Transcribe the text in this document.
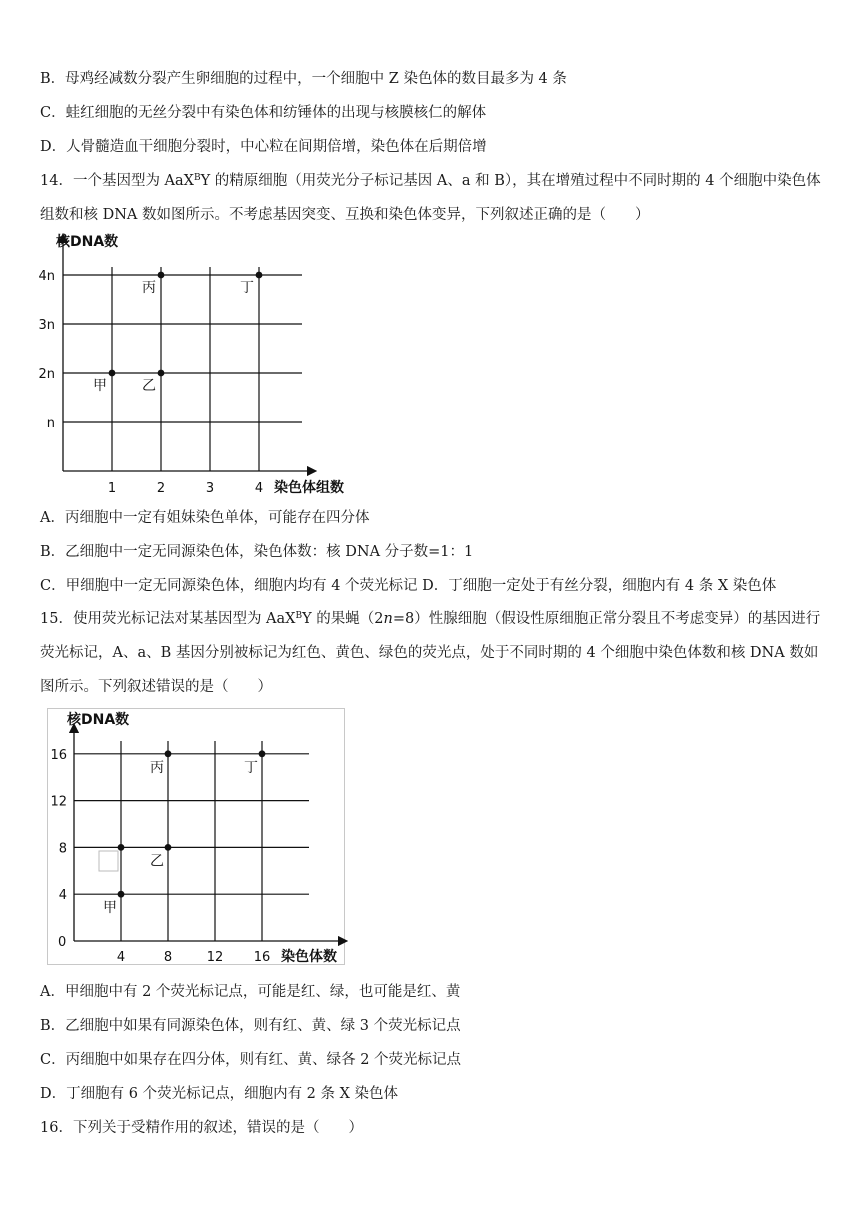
B．母鸡经减数分裂产生卵细胞的过程中，一个细胞中 Z 染色体的数目最多为 4 条
C．蛙红细胞的无丝分裂中有染色体和纺锤体的出现与核膜核仁的解体
D．人骨髓造血干细胞分裂时，中心粒在间期倍增，染色体在后期倍增
14．一个基因型为 AaX$^B$Y 的精原细胞（用荧光分子标记基因 A、a 和 B），其在增殖过程中不同时期的 4 个细胞中染色体组数和核 DNA 数如图所示。不考虑基因突变、互换和染色体变异，下列叙述正确的是（　　）
核DNA数
染色体组数
n
2n
3n
4n
1	2	3	4
甲	乙
丙	丁
A．丙细胞中一定有姐妹染色单体，可能存在四分体
B．乙细胞中一定无同源染色体，染色体数：核 DNA 分子数=1：1
C．甲细胞中一定无同源染色体，细胞内均有 4 个荧光标记 D．丁细胞一定处于有丝分裂，细胞内有 4 条 X 染色体
15．使用荧光标记法对某基因型为 AaX$^B$Y 的果蝇（2n=8）性腺细胞（假设性原细胞正常分裂且不考虑变异）的基因进行荧光标记，A、a、B 基因分别被标记为红色、黄色、绿色的荧光点，处于不同时期的 4 个细胞中染色体数和核 DNA 数如图所示。下列叙述错误的是（　　）
核DNA数
染色体数
0
4
8
12
16
4	8	12 16
甲
乙
丙	丁
A．甲细胞中有 2 个荧光标记点，可能是红、绿，也可能是红、黄
B．乙细胞中如果有同源染色体，则有红、黄、绿 3 个荧光标记点
C．丙细胞中如果存在四分体，则有红、黄、绿各 2 个荧光标记点
D．丁细胞有 6 个荧光标记点，细胞内有 2 条 X 染色体
16．下列关于受精作用的叙述，错误的是（　　）
